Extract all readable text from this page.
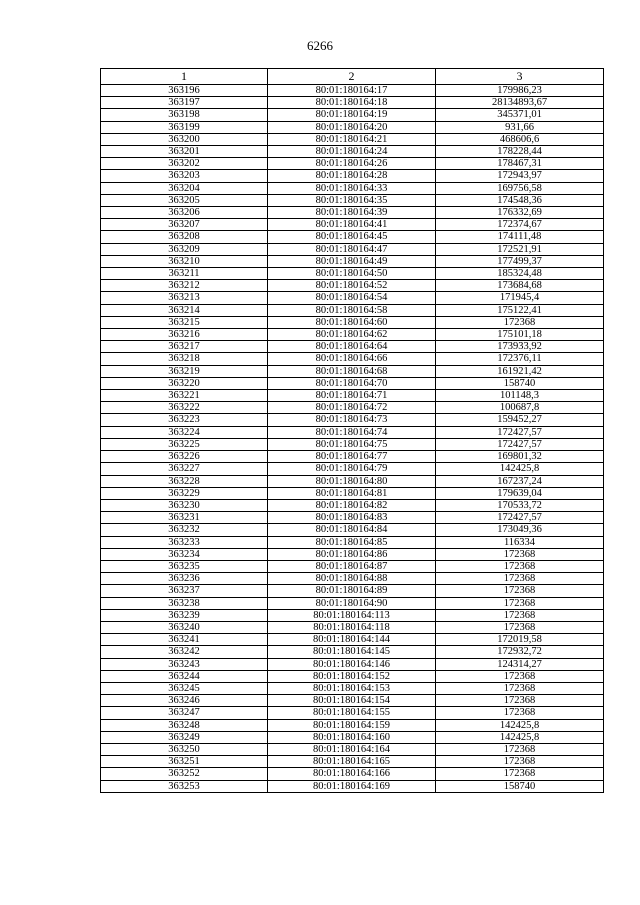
6266
1	2	3
363196	80:01:180164:17	179986,23
363197	80:01:180164:18	28134893,67
363198	80:01:180164:19	345371,01
363199	80:01:180164:20	931,66
363200	80:01:180164:21	468606,6
363201	80:01:180164:24	178228,44
363202	80:01:180164:26	178467,31
363203	80:01:180164:28	172943,97
363204	80:01:180164:33	169756,58
363205	80:01:180164:35	174548,36
363206	80:01:180164:39	176332,69
363207	80:01:180164:41	172374,67
363208	80:01:180164:45	174111,48
363209	80:01:180164:47	172521,91
363210	80:01:180164:49	177499,37
363211	80:01:180164:50	185324,48
363212	80:01:180164:52	173684,68
363213	80:01:180164:54	171945,4
363214	80:01:180164:58	175122,41
363215	80:01:180164:60	172368
363216	80:01:180164:62	175101,18
363217	80:01:180164:64	173933,92
363218	80:01:180164:66	172376,11
363219	80:01:180164:68	161921,42
363220	80:01:180164:70	158740
363221	80:01:180164:71	101148,3
363222	80:01:180164:72	100687,8
363223	80:01:180164:73	159452,27
363224	80:01:180164:74	172427,57
363225	80:01:180164:75	172427,57
363226	80:01:180164:77	169801,32
363227	80:01:180164:79	142425,8
363228	80:01:180164:80	167237,24
363229	80:01:180164:81	179639,04
363230	80:01:180164:82	170533,72
363231	80:01:180164:83	172427,57
363232	80:01:180164:84	173049,36
363233	80:01:180164:85	116334
363234	80:01:180164:86	172368
363235	80:01:180164:87	172368
363236	80:01:180164:88	172368
363237	80:01:180164:89	172368
363238	80:01:180164:90	172368
363239	80:01:180164:113	172368
363240	80:01:180164:118	172368
363241	80:01:180164:144	172019,58
363242	80:01:180164:145	172932,72
363243	80:01:180164:146	124314,27
363244	80:01:180164:152	172368
363245	80:01:180164:153	172368
363246	80:01:180164:154	172368
363247	80:01:180164:155	172368
363248	80:01:180164:159	142425,8
363249	80:01:180164:160	142425,8
363250	80:01:180164:164	172368
363251	80:01:180164:165	172368
363252	80:01:180164:166	172368
363253	80:01:180164:169	158740
